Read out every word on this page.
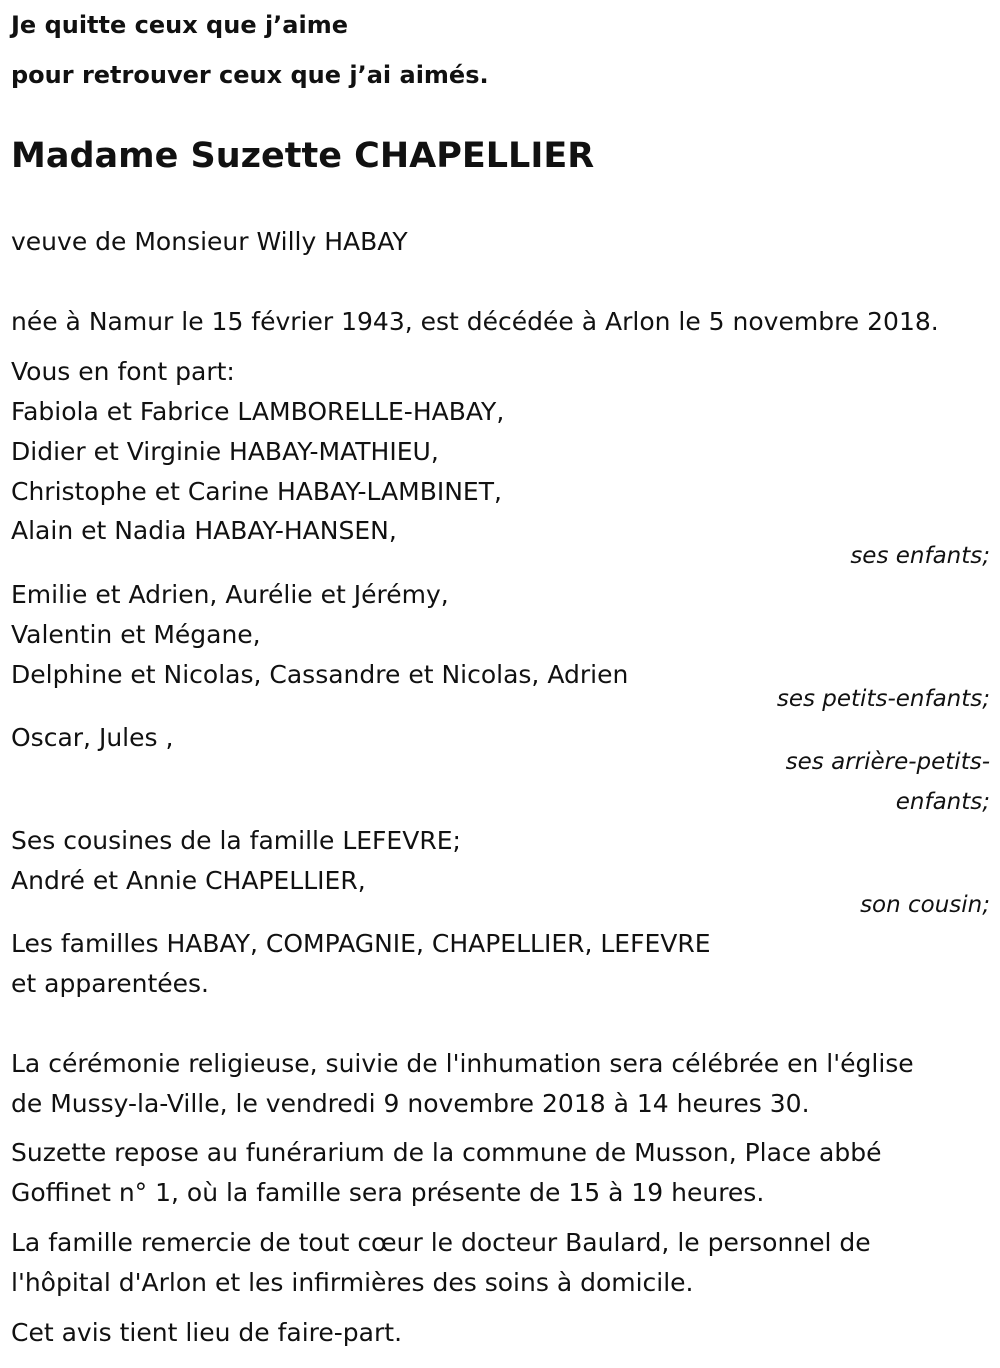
Je quitte ceux que j’aime
pour retrouver ceux que j’ai aimés.
Madame Suzette CHAPELLIER
veuve de Monsieur Willy HABAY
née à Namur le 15 février 1943, est décédée à Arlon le 5 novembre 2018.
Vous en font part:
Fabiola et Fabrice LAMBORELLE-HABAY,
Didier et Virginie HABAY-MATHIEU,
Christophe et Carine HABAY-LAMBINET,
Alain et Nadia HABAY-HANSEN,
ses enfants;
Emilie et Adrien, Aurélie et Jérémy,
Valentin et Mégane,
Delphine et Nicolas, Cassandre et Nicolas, Adrien
ses petits-enfants;
Oscar, Jules ,
ses arrière-petits-
enfants;
Ses cousines de la famille LEFEVRE;
André et Annie CHAPELLIER,
son cousin;
Les familles HABAY, COMPAGNIE, CHAPELLIER, LEFEVRE
et apparentées.
La cérémonie religieuse, suivie de l'inhumation sera célébrée en l'église
de Mussy-la-Ville, le vendredi 9 novembre 2018 à 14 heures 30.
Suzette repose au funérarium de la commune de Musson, Place abbé
Goffinet n° 1, où la famille sera présente de 15 à 19 heures.
La famille remercie de tout cœur le docteur Baulard, le personnel de
l'hôpital d'Arlon et les infirmières des soins à domicile.
Cet avis tient lieu de faire-part.
